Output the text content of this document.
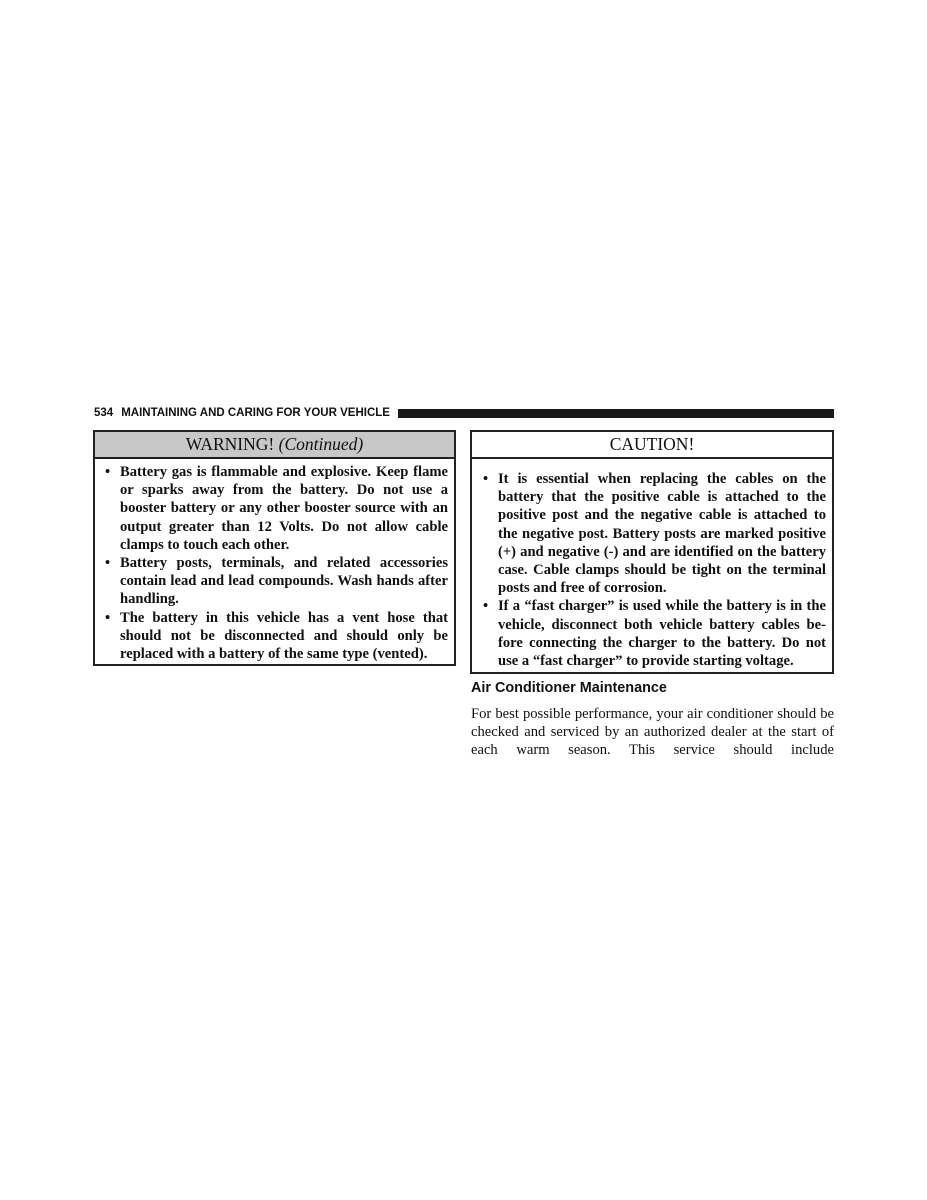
534 MAINTAINING AND CARING FOR YOUR VEHICLE
WARNING! (Continued)
• Battery gas is flammable and explosive. Keep flame or sparks away from the battery. Do not use a booster battery or any other booster source with an output greater than 12 Volts. Do not allow cable clamps to touch each other.
• Battery posts, terminals, and related accessories contain lead and lead compounds. Wash hands after handling.
• The battery in this vehicle has a vent hose that should not be disconnected and should only be replaced with a battery of the same type (vented).
CAUTION!
• It is essential when replacing the cables on the battery that the positive cable is attached to the positive post and the negative cable is attached to the negative post. Battery posts are marked positive (+) and negative (-) and are identified on the battery case. Cable clamps should be tight on the terminal posts and free of corrosion.
• If a “fast charger” is used while the battery is in the vehicle, disconnect both vehicle battery cables be-fore connecting the charger to the battery. Do not use a “fast charger” to provide starting voltage.
Air Conditioner Maintenance

For best possible performance, your air conditioner should be checked and serviced by an authorized dealer at the start of each warm season. This service should include
